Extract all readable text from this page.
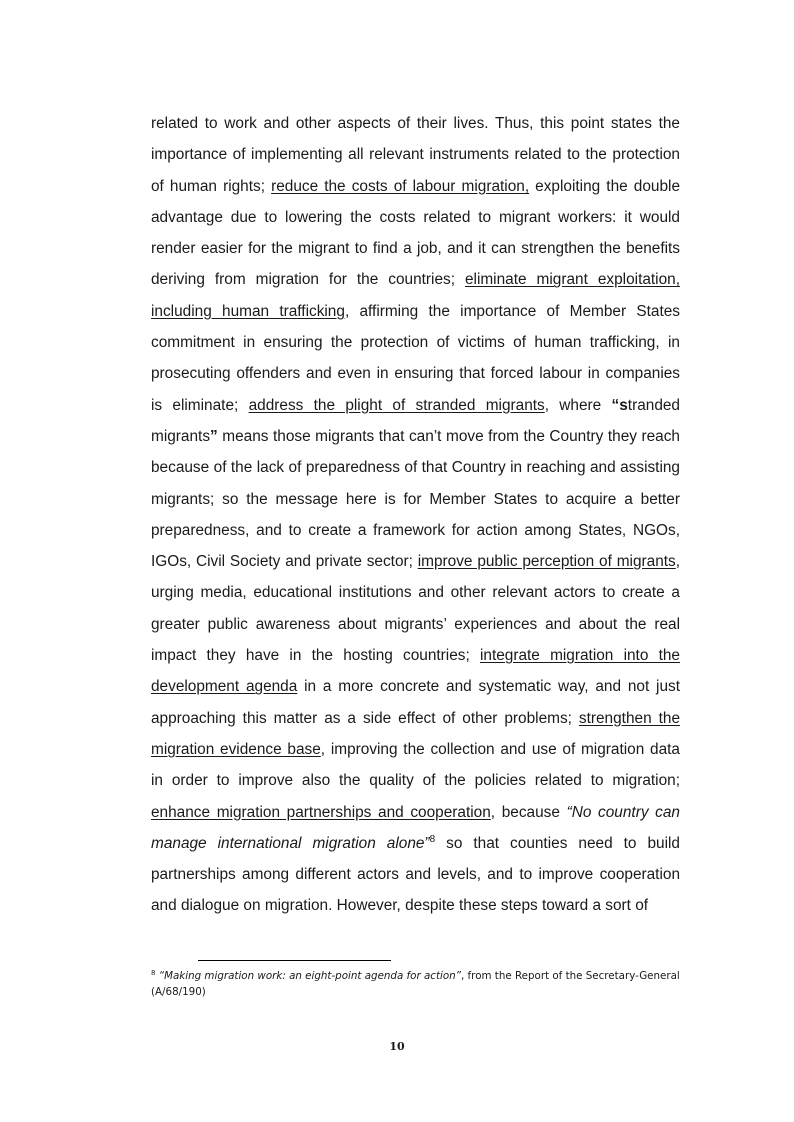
related to work and other aspects of their lives. Thus, this point states the importance of implementing all relevant instruments related to the protection of human rights; reduce the costs of labour migration, exploiting the double advantage due to lowering the costs related to migrant workers: it would render easier for the migrant to find a job, and it can strengthen the benefits deriving from migration for the countries; eliminate migrant exploitation, including human trafficking, affirming the importance of Member States commitment in ensuring the protection of victims of human trafficking, in prosecuting offenders and even in ensuring that forced labour in companies is eliminate; address the plight of stranded migrants, where “stranded migrants” means those migrants that can’t move from the Country they reach because of the lack of preparedness of that Country in reaching and assisting migrants; so the message here is for Member States to acquire a better preparedness, and to create a framework for action among States, NGOs, IGOs, Civil Society and private sector; improve public perception of migrants, urging media, educational institutions and other relevant actors to create a greater public awareness about migrants’ experiences and about the real impact they have in the hosting countries; integrate migration into the development agenda in a more concrete and systematic way, and not just approaching this matter as a side effect of other problems; strengthen the migration evidence base, improving the collection and use of migration data in order to improve also the quality of the policies related to migration; enhance migration partnerships and cooperation, because “No country can manage international migration alone”$^8$ so that counties need to build partnerships among different actors and levels, and to improve cooperation and dialogue on migration. However, despite these steps toward a sort of

$^8$ “Making migration work: an eight-point agenda for action”, from the Report of the Secretary-General (A/68/190)

10
